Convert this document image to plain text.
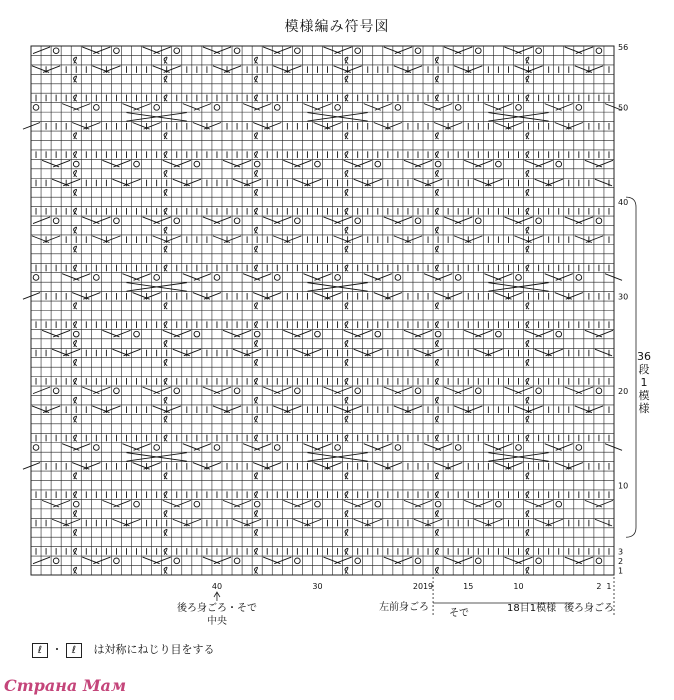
模様編み符号図
56
50
40
30
20
10
3
2
1
40	30	20 19	15	10	2 1
36
段
1
模
様
後ろ身ごろ・そで
中央
左前身ごろ
そで	18目1模様 後ろ身ごろ
ℓ ・ ℓ は対称にねじり目をする
Страна Мам
